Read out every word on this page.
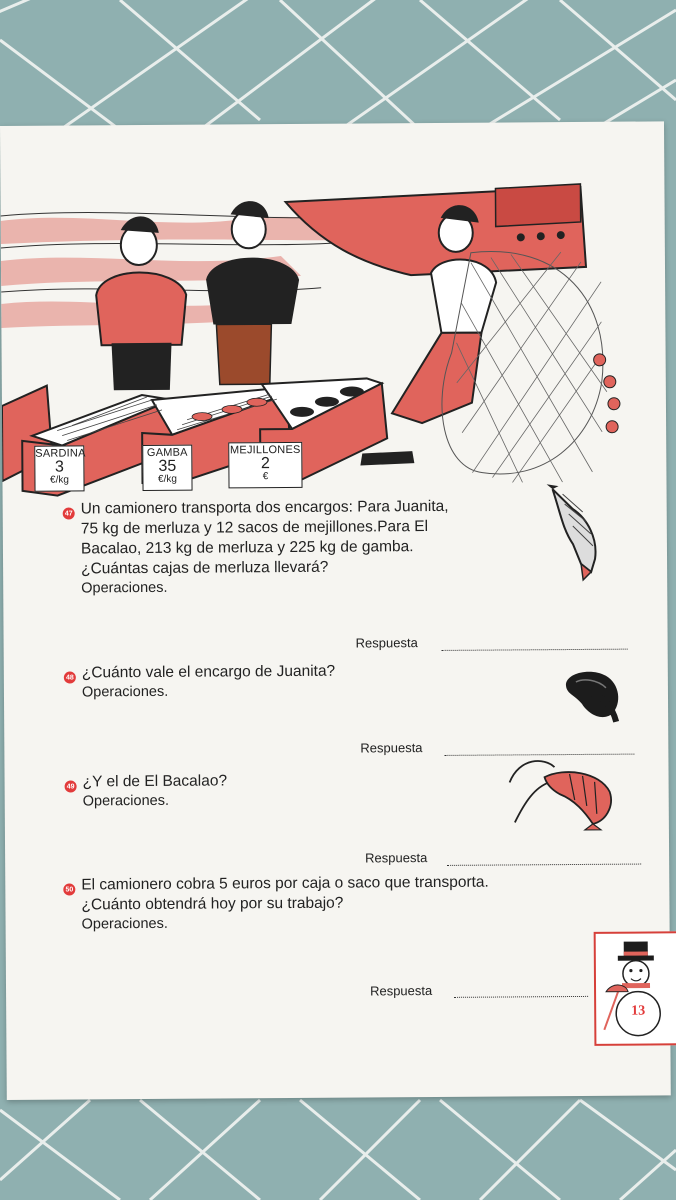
SARDINA
3
€/kg
GAMBA
35
€/kg
MEJILLONES
2
€
47 Un camionero transporta dos encargos: Para Juanita,
75 kg de merluza y 12 sacos de mejillones.Para El
Bacalao, 213 kg de merluza y 225 kg de gamba.
¿Cuántas cajas de merluza llevará?
Operaciones.
Respuesta
48 ¿Cuánto vale el encargo de Juanita?
Operaciones.
Respuesta
49 ¿Y el de El Bacalao?
Operaciones.
Respuesta
50 El camionero cobra 5 euros por caja o saco que transporta.
¿Cuánto obtendrá hoy por su trabajo?
Operaciones.
Respuesta
13
